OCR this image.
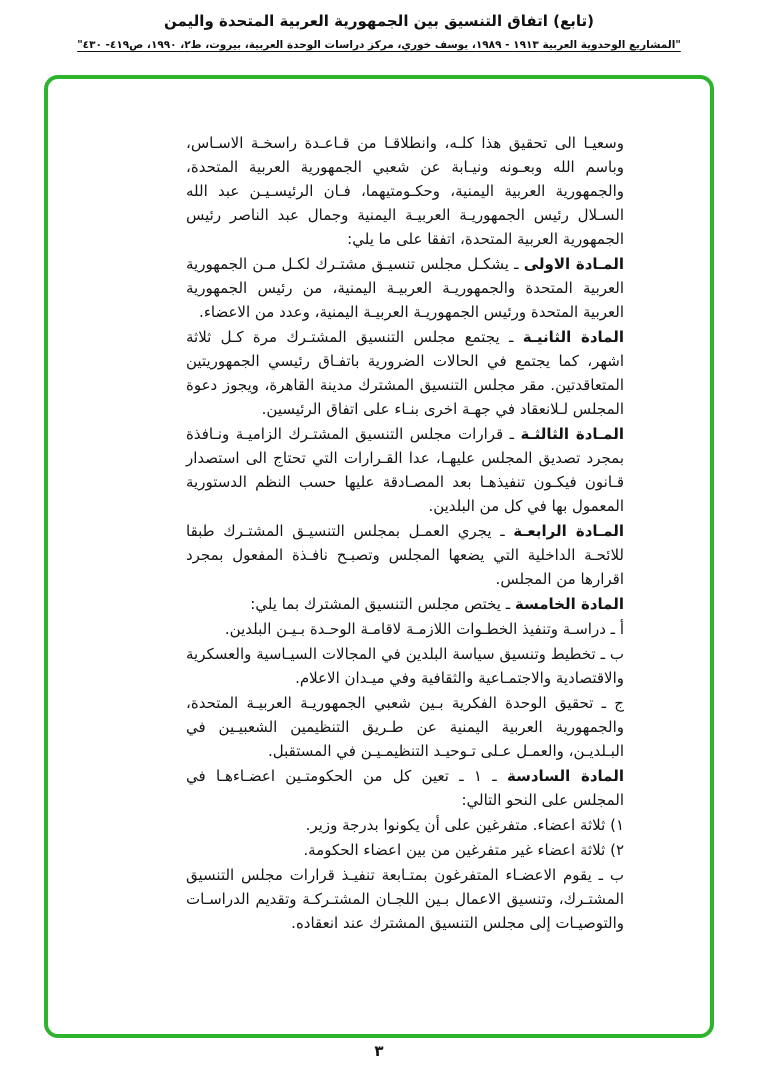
(تابع) اتفاق التنسيق بين الجمهورية العربية المتحدة واليمن
"المشاريع الوحدوية العربية ١٩١٣ - ١٩٨٩، يوسف خوري، مركز دراسات الوحدة العربية، بيروت، ط٢، ١٩٩٠، ص٤١٩- ٤٣٠"

وسعيـا الى تحقيق هذا كلـه، وانطلاقـا من قـاعـدة راسخـة الاسـاس، وباسم الله وبعـونه ونيـابة عن شعبي الجمهورية العربية المتحدة، والجمهورية العربية اليمنية، وحكـومتيهما، فـان الرئيسـيـن عبد الله السـلال رئيس الجمهوريـة العربيـة اليمنية وجمال عبد الناصر رئيس الجمهورية العربية المتحدة، اتفقا على ما يلي:

المـادة الاولى ـ يشكـل مجلس تنسيـق مشتـرك لكـل مـن الجمهورية العربية المتحدة والجمهوريـة العربيـة اليمنية، من رئيس الجمهورية العربية المتحدة ورئيس الجمهوريـة العربيـة اليمنية، وعدد من الاعضاء.

المادة الثانيـة ـ يجتمع مجلس التنسيق المشتـرك مرة كـل ثلاثة اشهر، كما يجتمع في الحالات الضرورية باتفـاق رئيسي الجمهوريتين المتعاقدتين. مقر مجلس التنسيق المشترك مدينة القاهرة، ويجوز دعوة المجلس لـلانعقاد في جهـة اخرى بنـاء على اتفاق الرئيسين.

المـادة الثالثـة ـ قرارات مجلس التنسيق المشتـرك الزاميـة ونـافذة بمجرد تصديق المجلس عليهـا، عدا القـرارات التي تحتاج الى استصدار قـانون فيكـون تنفيذهـا بعد المصـادقة عليها حسب النظم الدستورية المعمول بها في كل من البلدين.

المـادة الرابعـة ـ يجري العمـل بمجلس التنسيـق المشتـرك طبقا للائحـة الداخلية التي يضعها المجلس وتصبـح نافـذة المفعول بمجرد اقرارها من المجلس.

المادة الخامسة ـ يختص مجلس التنسيق المشترك بما يلي:

أ ـ دراسـة وتنفيذ الخطـوات اللازمـة لاقامـة الوحـدة بـيـن البلدين.

ب ـ تخطيط وتنسيق سياسة البلدين في المجالات السيـاسية والعسكرية والاقتصادية والاجتمـاعية والثقافية وفي ميـدان الاعلام.

ج ـ تحقيق الوحدة الفكرية بـين شعبي الجمهوريـة العربيـة المتحدة، والجمهورية العربية اليمنية عن طـريق التنظيمين الشعبيـين في البـلديـن، والعمـل عـلى تـوحيـد التنظيمـيـن في المستقبل.

المادة السادسة ـ ١ ـ تعين كل من الحكومتـين اعضـاءهـا في المجلس على النحو التالي:

١) ثلاثة اعضاء. متفرغين على أن يكونوا بدرجة وزير.

٢) ثلاثة اعضاء غير متفرغين من بين اعضاء الحكومة.

ب ـ يقوم الاعضـاء المتفرغون بمتـابعة تنفيـذ قرارات مجلس التنسيق المشتـرك، وتنسيق الاعمال بـين اللجـان المشتـركـة وتقديم الدراسـات والتوصيـات إلى مجلس التنسيق المشترك عند انعقاده.

٣
